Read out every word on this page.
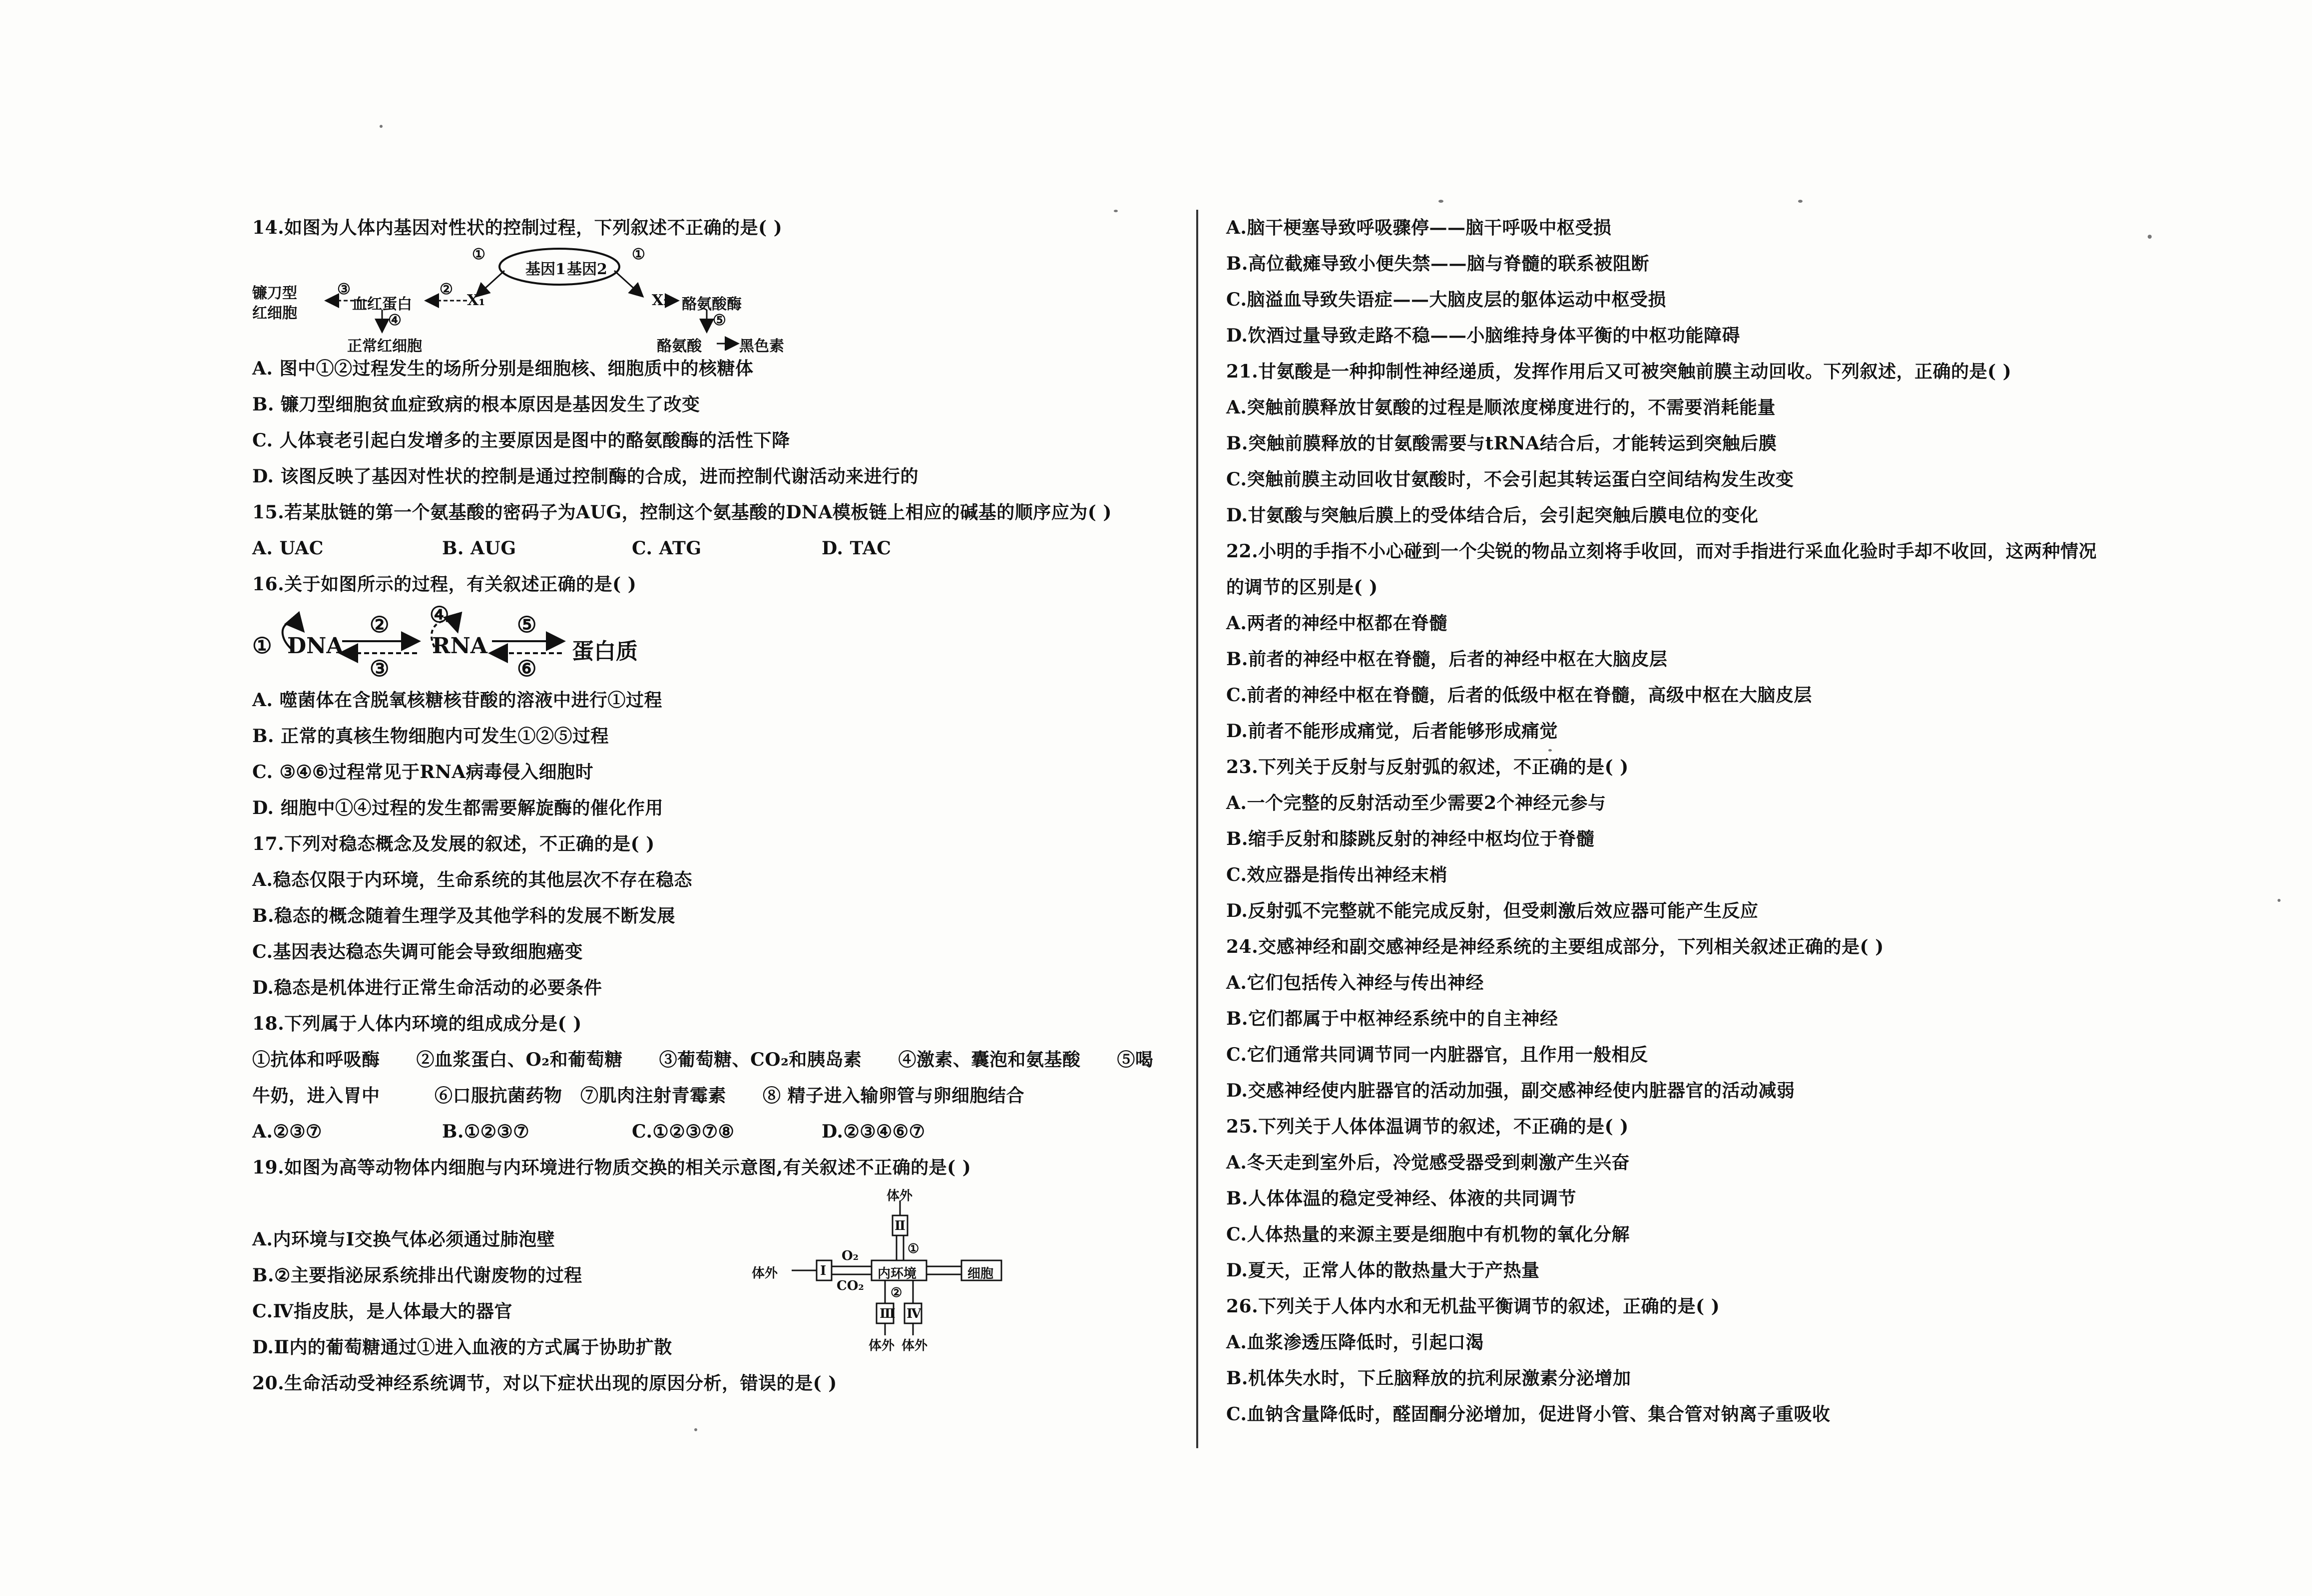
14.如图为人体内基因对性状的控制过程，下列叙述不正确的是( )
基因1 基因2
①	①
X₁
②
血红蛋白
③
镰刀型
红细胞	④
正常红细胞
X₂ 酪氨酸酶
⑤
酪氨酸	黑色素
A. 图中①②过程发生的场所分别是细胞核、细胞质中的核糖体
B. 镰刀型细胞贫血症致病的根本原因是基因发生了改变
C. 人体衰老引起白发增多的主要原因是图中的酪氨酸酶的活性下降
D. 该图反映了基因对性状的控制是通过控制酶的合成，进而控制代谢活动来进行的
15.若某肽链的第一个氨基酸的密码子为AUG，控制这个氨基酸的DNA模板链上相应的碱基的顺序应为( )
A. UAC	B. AUG	C. ATG	D. TAC
16.关于如图所示的过程，有关叙述正确的是( )
① DNA
②
③
④
RNA
⑤
⑥
蛋白质
A. 噬菌体在含脱氧核糖核苷酸的溶液中进行①过程
B. 正常的真核生物细胞内可发生①②⑤过程
C. ③④⑥过程常见于RNA病毒侵入细胞时
D. 细胞中①④过程的发生都需要解旋酶的催化作用
17.下列对稳态概念及发展的叙述，不正确的是( )
A.稳态仅限于内环境，生命系统的其他层次不存在稳态
B.稳态的概念随着生理学及其他学科的发展不断发展
C.基因表达稳态失调可能会导致细胞癌变
D.稳态是机体进行正常生命活动的必要条件
18.下列属于人体内环境的组成成分是( )
①抗体和呼吸酶　　②血浆蛋白、O₂和葡萄糖　　③葡萄糖、CO₂和胰岛素　　④激素、囊泡和氨基酸　　⑤喝
牛奶，进入胃中　　　⑥口服抗菌药物　⑦肌肉注射青霉素　　⑧ 精子进入输卵管与卵细胞结合
A.②③⑦	B.①②③⑦	C.①②③⑦⑧	D.②③④⑥⑦
19.如图为高等动物体内细胞与内环境进行物质交换的相关示意图,有关叙述不正确的是( )
A.内环境与Ⅰ交换气体必须通过肺泡壁
B.②主要指泌尿系统排出代谢废物的过程
C.Ⅳ指皮肤，是人体最大的器官
D.Ⅱ内的葡萄糖通过①进入血液的方式属于协助扩散
体外
体外
体外 体外
Ⅰ
Ⅱ
Ⅲ Ⅳ
内环境	细胞
O₂
CO₂
①
②
20.生命活动受神经系统调节，对以下症状出现的原因分析，错误的是( )
A.脑干梗塞导致呼吸骤停——脑干呼吸中枢受损
B.高位截瘫导致小便失禁——脑与脊髓的联系被阻断
C.脑溢血导致失语症——大脑皮层的躯体运动中枢受损
D.饮酒过量导致走路不稳——小脑维持身体平衡的中枢功能障碍
21.甘氨酸是一种抑制性神经递质，发挥作用后又可被突触前膜主动回收。下列叙述，正确的是( )
A.突触前膜释放甘氨酸的过程是顺浓度梯度进行的，不需要消耗能量
B.突触前膜释放的甘氨酸需要与tRNA结合后，才能转运到突触后膜
C.突触前膜主动回收甘氨酸时，不会引起其转运蛋白空间结构发生改变
D.甘氨酸与突触后膜上的受体结合后，会引起突触后膜电位的变化
22.小明的手指不小心碰到一个尖锐的物品立刻将手收回，而对手指进行采血化验时手却不收回，这两种情况
的调节的区别是( )
A.两者的神经中枢都在脊髓
B.前者的神经中枢在脊髓，后者的神经中枢在大脑皮层
C.前者的神经中枢在脊髓，后者的低级中枢在脊髓，高级中枢在大脑皮层
D.前者不能形成痛觉，后者能够形成痛觉
23.下列关于反射与反射弧的叙述，不正确的是( )
A.一个完整的反射活动至少需要2个神经元参与
B.缩手反射和膝跳反射的神经中枢均位于脊髓
C.效应器是指传出神经末梢
D.反射弧不完整就不能完成反射，但受刺激后效应器可能产生反应
24.交感神经和副交感神经是神经系统的主要组成部分，下列相关叙述正确的是( )
A.它们包括传入神经与传出神经
B.它们都属于中枢神经系统中的自主神经
C.它们通常共同调节同一内脏器官，且作用一般相反
D.交感神经使内脏器官的活动加强，副交感神经使内脏器官的活动减弱
25.下列关于人体体温调节的叙述，不正确的是( )
A.冬天走到室外后，冷觉感受器受到刺激产生兴奋
B.人体体温的稳定受神经、体液的共同调节
C.人体热量的来源主要是细胞中有机物的氧化分解
D.夏天，正常人体的散热量大于产热量
26.下列关于人体内水和无机盐平衡调节的叙述，正确的是( )
A.血浆渗透压降低时，引起口渴
B.机体失水时，下丘脑释放的抗利尿激素分泌增加
C.血钠含量降低时，醛固酮分泌增加，促进肾小管、集合管对钠离子重吸收
